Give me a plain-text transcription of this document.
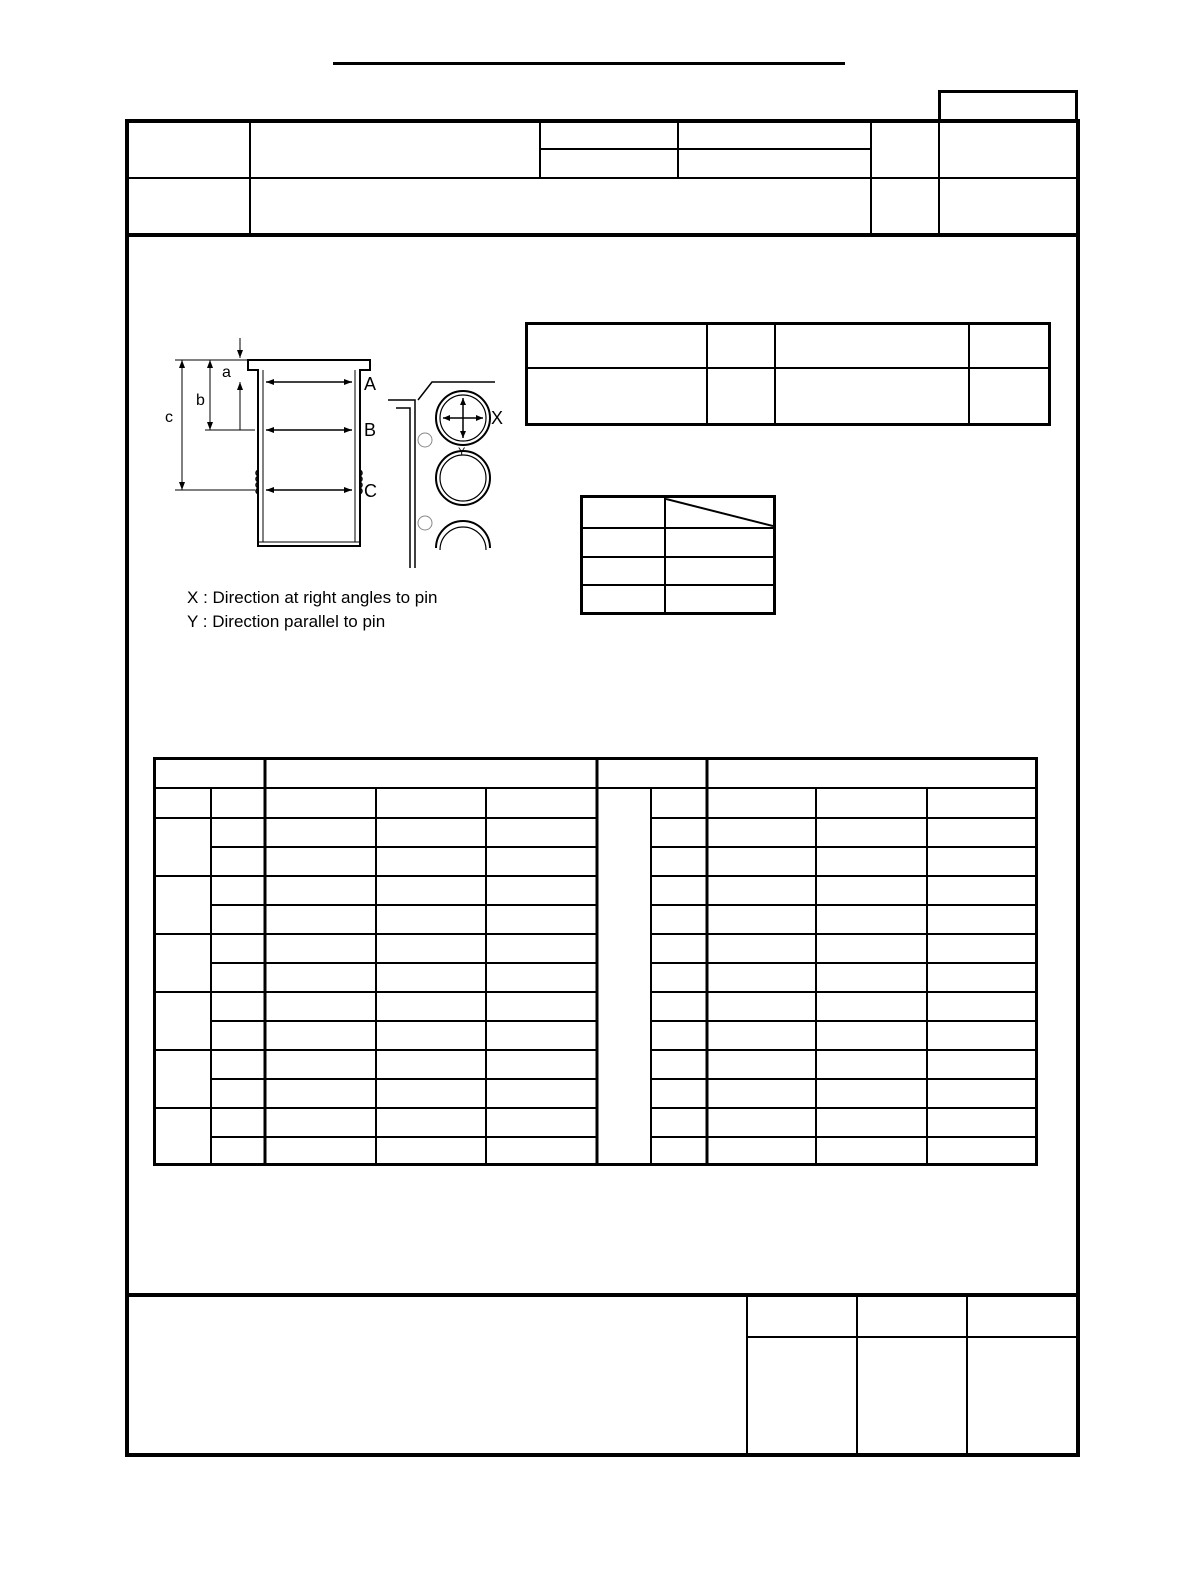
a
b
c
A
B
C
X
Y
X : Direction at right angles to pin
Y : Direction parallel to pin
